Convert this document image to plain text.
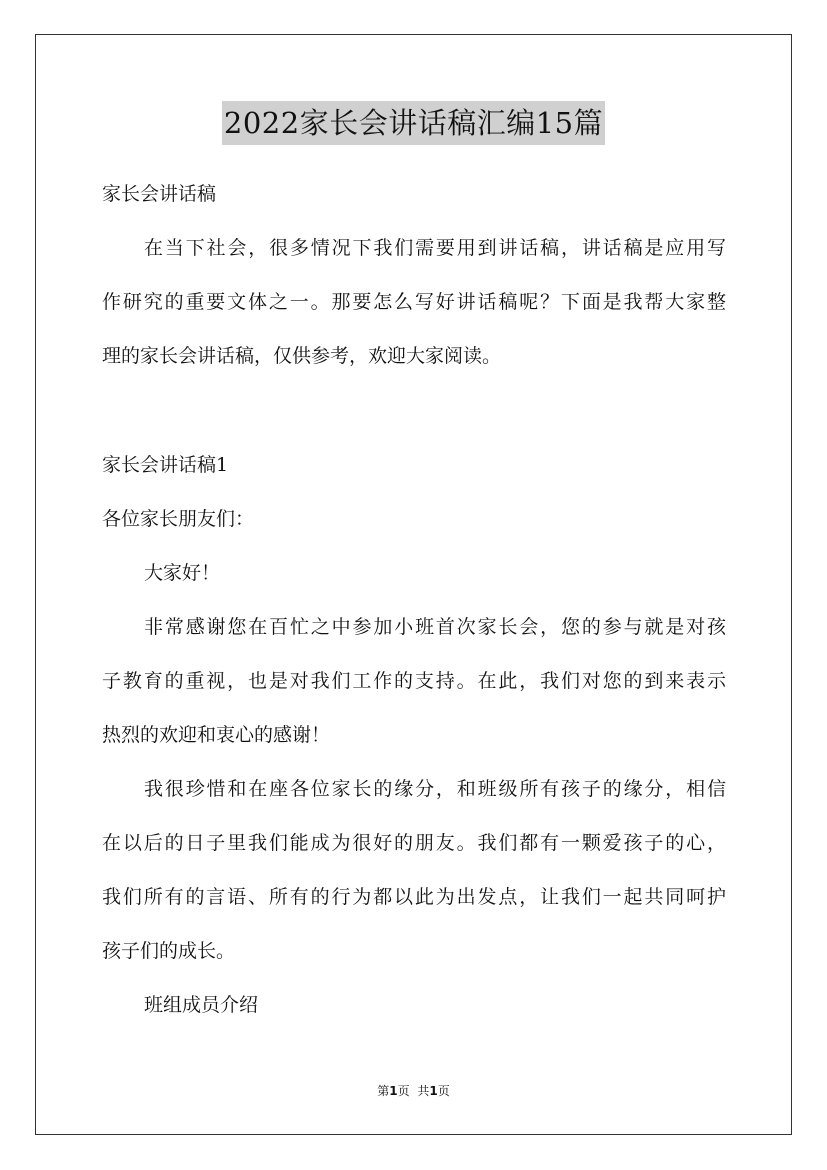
2022家长会讲话稿汇编15篇
家长会讲话稿
在当下社会，很多情况下我们需要用到讲话稿，讲话稿是应用写
作研究的重要文体之一。那要怎么写好讲话稿呢？下面是我帮大家整
理的家长会讲话稿，仅供参考，欢迎大家阅读。
家长会讲话稿1
各位家长朋友们：
大家好！
非常感谢您在百忙之中参加小班首次家长会，您的参与就是对孩
子教育的重视，也是对我们工作的支持。在此，我们对您的到来表示
热烈的欢迎和衷心的感谢！
我很珍惜和在座各位家长的缘分，和班级所有孩子的缘分，相信
在以后的日子里我们能成为很好的朋友。我们都有一颗爱孩子的心，
我们所有的言语、所有的行为都以此为出发点，让我们一起共同呵护
孩子们的成长。
班组成员介绍
第1页 共1页
